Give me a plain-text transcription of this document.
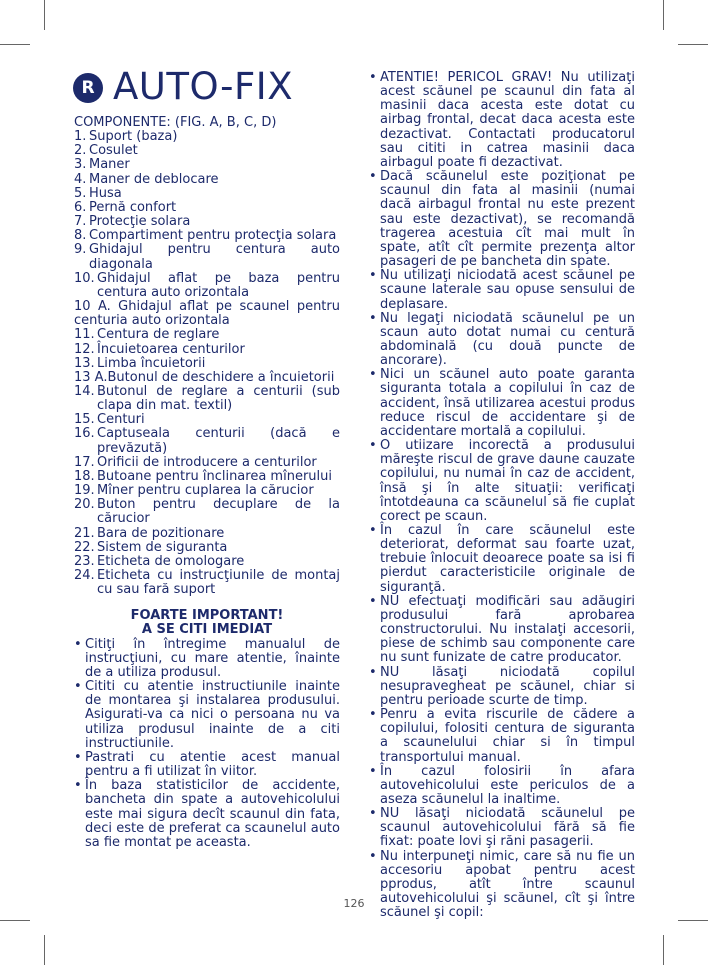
R AUTO-FIX
COMPONENTE: (FIG. A, B, C, D)
1. Suport (baza)
2. Cosulet
3. Maner
4. Maner de deblocare
5. Husa
6. Pernă confort
7. Protecţie solara
8. Compartiment pentru protecţia solara
9. Ghidajul pentru centura auto diagonala
10. Ghidajul aflat pe baza pentru centura auto orizontala
10 A. Ghidajul aflat pe scaunel pentru centuria auto orizontala
11. Centura de reglare
12. Încuietoarea centurilor
13. Limba încuietorii
13 A. Butonul de deschidere a încuietorii
14. Butonul de reglare a centurii (sub clapa din mat. textil)
15. Centuri
16. Captuseala centurii (dacă e prevăzută)
17. Orificii de introducere a centurilor
18. Butoane pentru înclinarea mînerului
19. Mîner pentru cuplarea la cărucior
20. Buton pentru decuplare de la cărucior
21. Bara de pozitionare
22. Sistem de siguranta
23. Eticheta de omologare
24. Eticheta cu instrucţiunile de montaj cu sau fară suport
FOARTE IMPORTANT!
A SE CITI IMEDIAT
• Citiţi în întregime manualul de instrucţiuni, cu mare atentie, înainte de a utiliza produsul.
• Cititi cu atentie instructiunile inainte de montarea şi instalarea produsului. Asigurati-va ca nici o persoana nu va utiliza produsul inainte de a citi instructiunile.
• Pastrati cu atentie acest manual pentru a fi utilizat în viitor.
• În baza statisticilor de accidente, bancheta din spate a autovehicolului este mai sigura decît scaunul din fata, deci este de preferat ca scaunelul auto sa fie montat pe aceasta.
• ATENTIE! PERICOL GRAV! Nu utilizaţi acest scăunel pe scaunul din fata al masinii daca acesta este dotat cu airbag frontal, decat daca acesta este dezactivat. Contactati producatorul sau cititi in catrea masinii daca airbagul poate fi dezactivat.
• Dacă scăunelul este poziţionat pe scaunul din fata al masinii (numai dacă airbagul frontal nu este prezent sau este dezactivat), se recomandă tragerea acestuia cît mai mult în spate, atît cît permite prezenţa altor pasageri de pe bancheta din spate.
• Nu utilizaţi niciodată acest scăunel pe scaune laterale sau opuse sensului de deplasare.
• Nu legaţi niciodată scăunelul pe un scaun auto dotat numai cu centură abdominală (cu două puncte de ancorare).
• Nici un scăunel auto poate garanta siguranta totala a copilului în caz de accident, însă utilizarea acestui produs reduce riscul de accidentare şi de accidentare mortală a copilului.
• O utiizare incorectă a produsului măreşte riscul de grave daune cauzate copilului, nu numai în caz de accident, însă şi în alte situaţii: verificaţi întotdeauna ca scăunelul să fie cuplat corect pe scaun.
• În cazul în care scăunelul este deteriorat, deformat sau foarte uzat, trebuie înlocuit deoarece poate sa isi fi pierdut caracteristicile originale de siguranţă.
• NU efectuaţi modificări sau adăugiri produsului fară aprobarea constructorului. Nu instalaţi accesorii, piese de schimb sau componente care nu sunt funizate de catre producator.
• NU lăsaţi niciodată copilul nesupravegheat pe scăunel, chiar si pentru perioade scurte de timp.
• Penru a evita riscurile de cădere a copilului, folositi centura de siguranta a scaunelului chiar si în timpul transportului manual.
• În cazul folosirii în afara autovehicolului este periculos de a aseza scăunelul la inaltime.
• NU lăsaţi niciodată scăunelul pe scaunul autovehicolului fără să fie fixat: poate lovi şi răni pasagerii.
• Nu interpuneţi nimic, care să nu fie un accesoriu apobat pentru acest pprodus, atît între scaunul autovehicolului şi scăunel, cît şi între scăunel şi copil:
126
